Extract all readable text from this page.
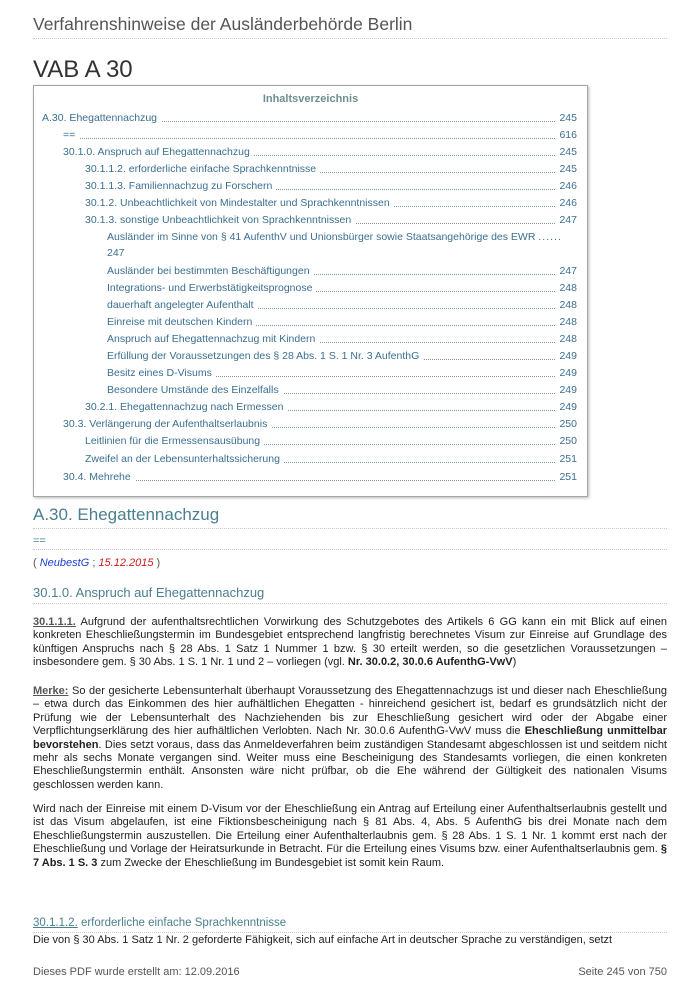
Verfahrenshinweise der Ausländerbehörde Berlin
VAB A 30
Inhaltsverzeichnis
A.30. Ehegattennachzug	245
==	616
30.1.0. Anspruch auf Ehegattennachzug	245
30.1.1.2. erforderliche einfache Sprachkenntnisse	245
30.1.1.3. Familiennachzug zu Forschern	246
30.1.2. Unbeachtlichkeit von Mindestalter und Sprachkenntnissen	246
30.1.3. sonstige Unbeachtlichkeit von Sprachkenntnissen	247
Ausländer im Sinne von § 41 AufenthV und Unionsbürger sowie Staatsangehörige des EWR ......
247
Ausländer bei bestimmten Beschäftigungen	247
Integrations- und Erwerbstätigkeitsprognose	248
dauerhaft angelegter Aufenthalt	248
Einreise mit deutschen Kindern	248
Anspruch auf Ehegattennachzug mit Kindern	248
Erfüllung der Voraussetzungen des § 28 Abs. 1 S. 1 Nr. 3 AufenthG	249
Besitz eines D-Visums	249
Besondere Umstände des Einzelfalls	249
30.2.1. Ehegattennachzug nach Ermessen	249
30.3. Verlängerung der Aufenthaltserlaubnis	250
Leitlinien für die Ermessensausübung	250
Zweifel an der Lebensunterhaltssicherung	251
30.4. Mehrehe	251
A.30. Ehegattennachzug
==
( NeubestG ; 15.12.2015 )
30.1.0. Anspruch auf Ehegattennachzug
30.1.1.1. Aufgrund der aufenthaltsrechtlichen Vorwirkung des Schutzgebotes des Artikels 6 GG kann ein mit Blick auf einen konkreten Eheschließungstermin im Bundesgebiet entsprechend langfristig berechnetes Visum zur Einreise auf Grundlage des künftigen Anspruchs nach § 28 Abs. 1 Satz 1 Nummer 1 bzw. § 30 erteilt werden, so die gesetzlichen Voraussetzungen – insbesondere gem. § 30 Abs. 1 S. 1 Nr. 1 und 2 – vorliegen (vgl. Nr. 30.0.2, 30.0.6 AufenthG-VwV)
Merke: So der gesicherte Lebensunterhalt überhaupt Voraussetzung des Ehegattennachzugs ist und dieser nach Eheschließung – etwa durch das Einkommen des hier aufhältlichen Ehegatten - hinreichend gesichert ist, bedarf es grundsätzlich nicht der Prüfung wie der Lebensunterhalt des Nachziehenden bis zur Eheschließung gesichert wird oder der Abgabe einer Verpflichtungserklärung des hier aufhältlichen Verlobten. Nach Nr. 30.0.6 AufenthG-VwV muss die Eheschließung unmittelbar bevorstehen. Dies setzt voraus, dass das Anmeldeverfahren beim zuständigen Standesamt abgeschlossen ist und seitdem nicht mehr als sechs Monate vergangen sind. Weiter muss eine Bescheinigung des Standesamts vorliegen, die einen konkreten Eheschließungstermin enthält. Ansonsten wäre nicht prüfbar, ob die Ehe während der Gültigkeit des nationalen Visums geschlossen werden kann.
Wird nach der Einreise mit einem D-Visum vor der Eheschließung ein Antrag auf Erteilung einer Aufenthaltserlaubnis gestellt und ist das Visum abgelaufen, ist eine Fiktionsbescheinigung nach § 81 Abs. 4, Abs. 5 AufenthG bis drei Monate nach dem Eheschließungstermin auszustellen. Die Erteilung einer Aufenthalterlaubnis gem. § 28 Abs. 1 S. 1 Nr. 1 kommt erst nach der Eheschließung und Vorlage der Heiratsurkunde in Betracht. Für die Erteilung eines Visums bzw. einer Aufenthaltserlaubnis gem. § 7 Abs. 1 S. 3 zum Zwecke der Eheschließung im Bundesgebiet ist somit kein Raum.
30.1.1.2. erforderliche einfache Sprachkenntnisse
Die von § 30 Abs. 1 Satz 1 Nr. 2 geforderte Fähigkeit, sich auf einfache Art in deutscher Sprache zu verständigen, setzt
Dieses PDF wurde erstellt am: 12.09.2016	Seite 245 von 750
